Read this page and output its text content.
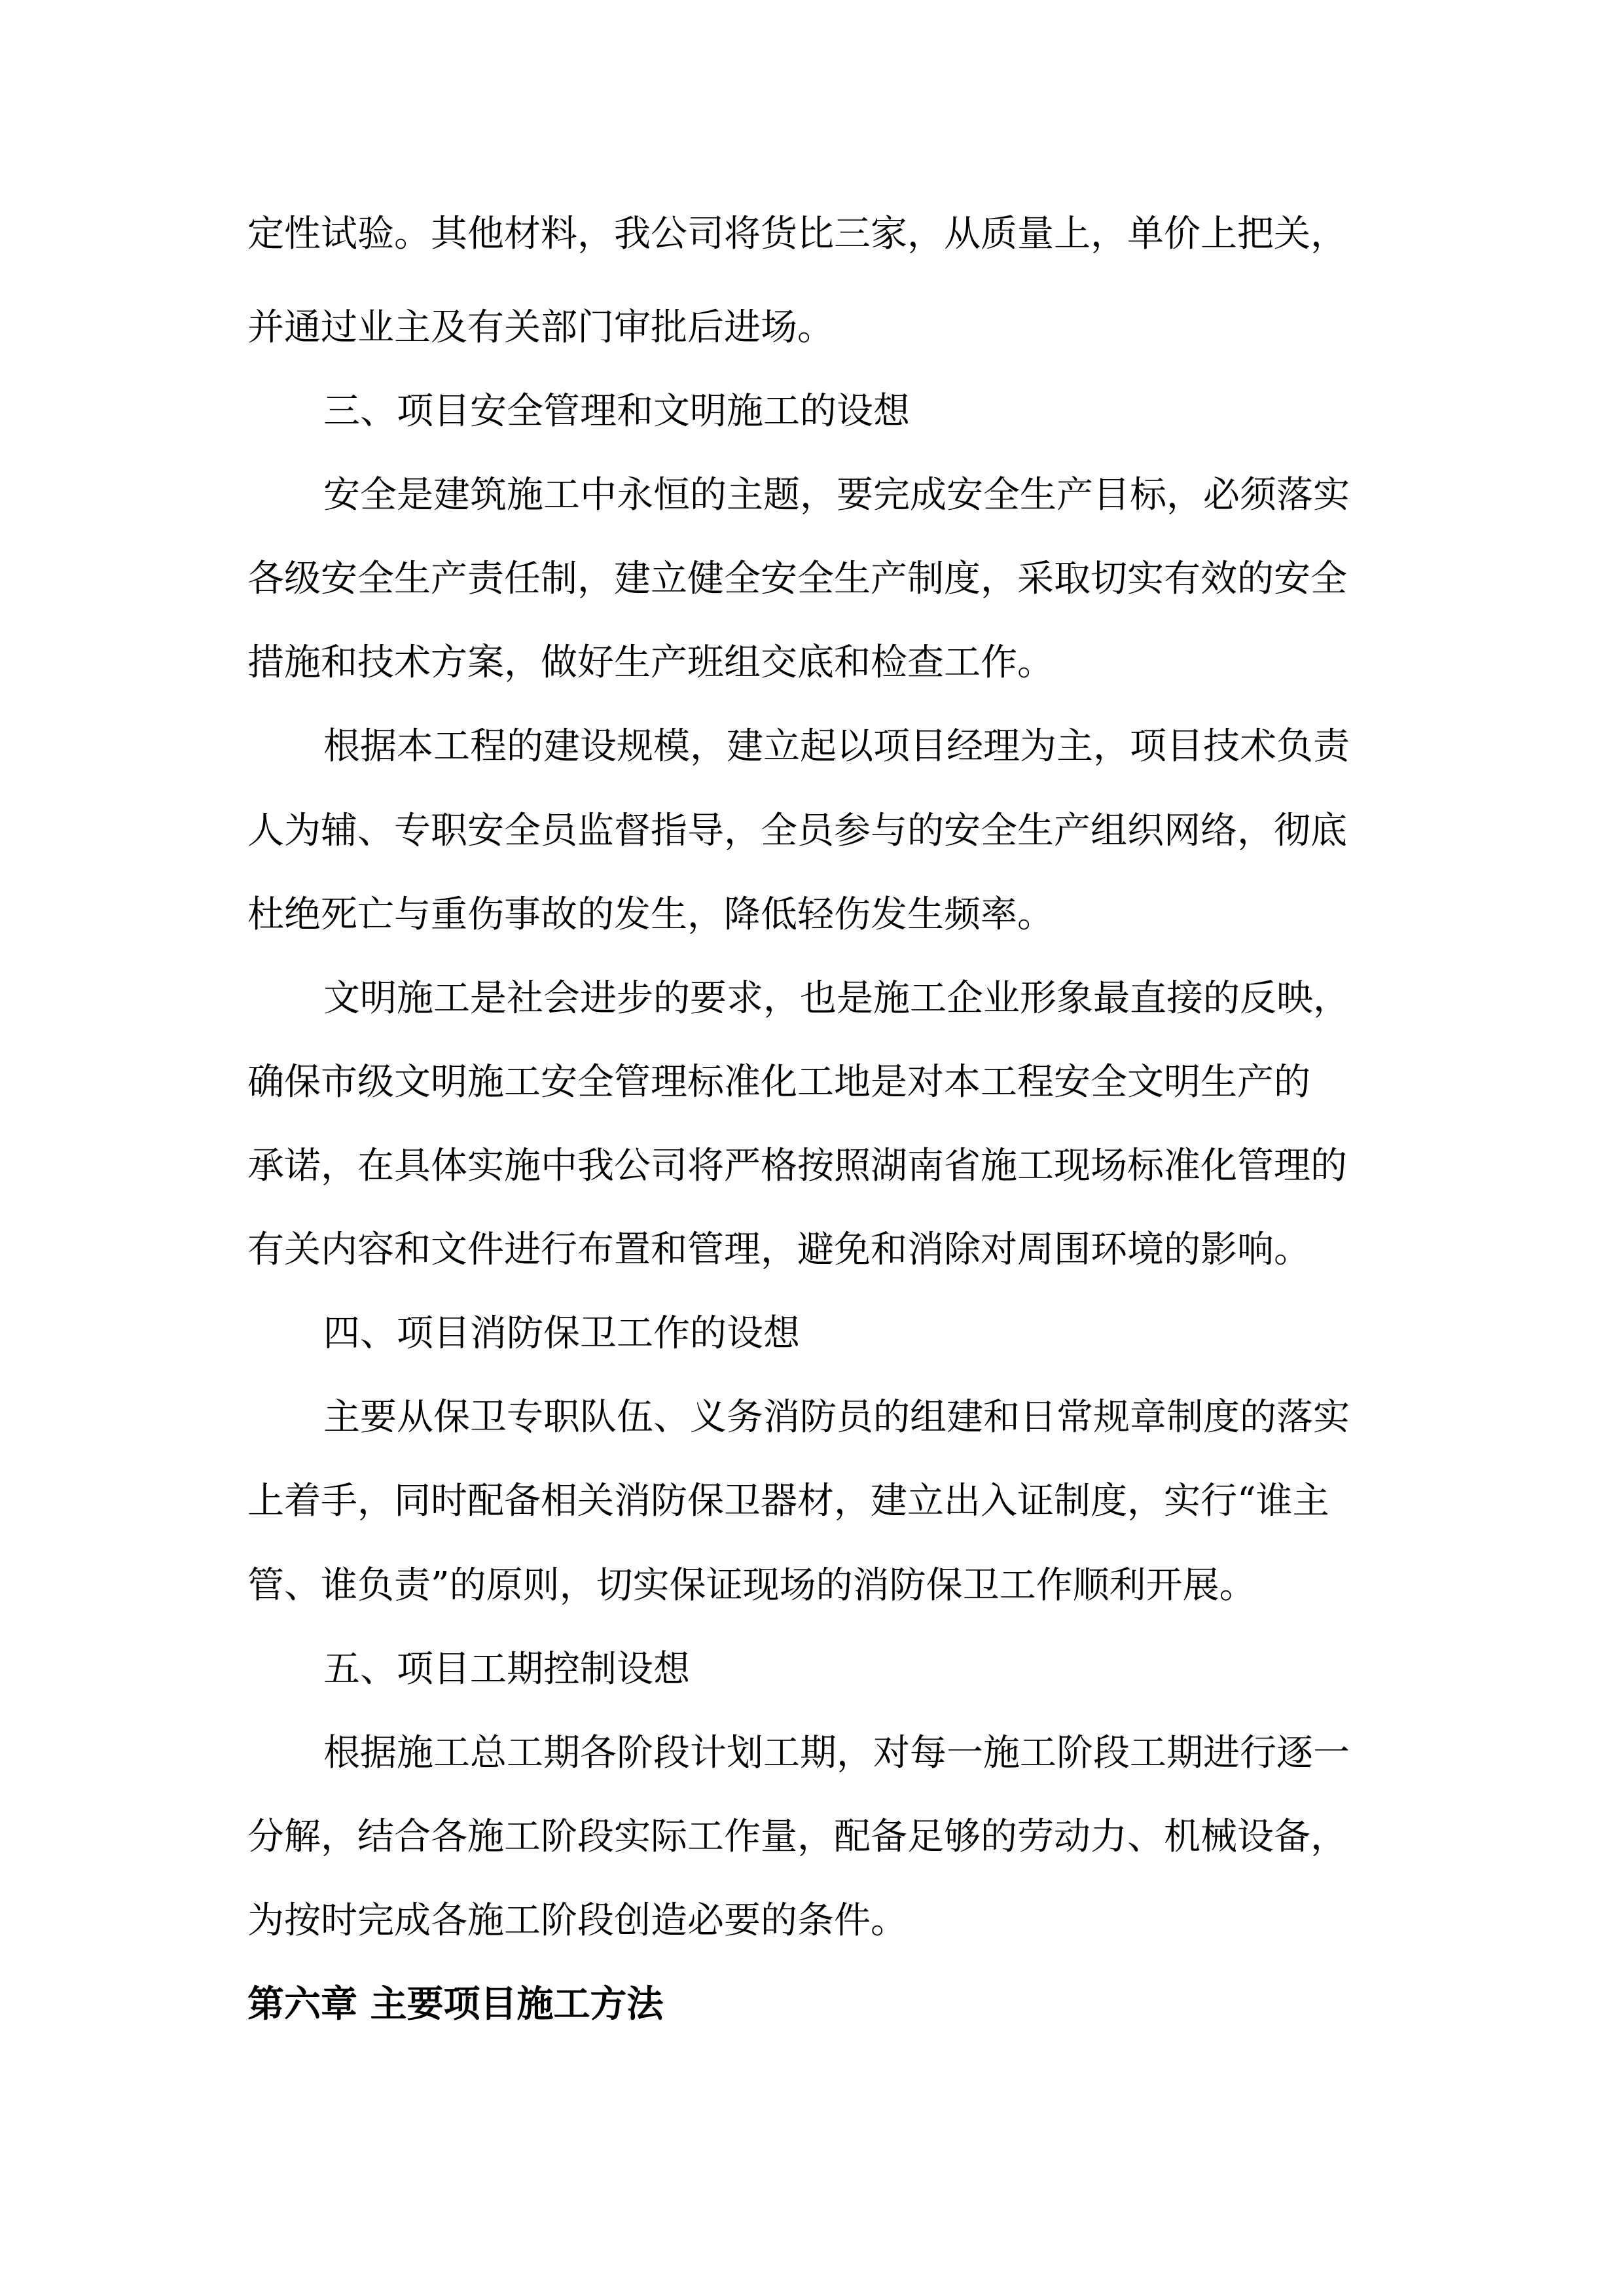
定性试验。其他材料，我公司将货比三家，从质量上，单价上把关，
并通过业主及有关部门审批后进场。
三、项目安全管理和文明施工的设想
安全是建筑施工中永恒的主题，要完成安全生产目标，必须落实
各级安全生产责任制，建立健全安全生产制度，采取切实有效的安全
措施和技术方案，做好生产班组交底和检查工作。
根据本工程的建设规模，建立起以项目经理为主，项目技术负责
人为辅、专职安全员监督指导，全员参与的安全生产组织网络，彻底
杜绝死亡与重伤事故的发生，降低轻伤发生频率。
文明施工是社会进步的要求，也是施工企业形象最直接的反映，
确保市级文明施工安全管理标准化工地是对本工程安全文明生产的
承诺，在具体实施中我公司将严格按照湖南省施工现场标准化管理的
有关内容和文件进行布置和管理，避免和消除对周围环境的影响。
四、项目消防保卫工作的设想
主要从保卫专职队伍、义务消防员的组建和日常规章制度的落实
上着手，同时配备相关消防保卫器材，建立出入证制度，实行“谁主
管、谁负责”的原则，切实保证现场的消防保卫工作顺利开展。
五、项目工期控制设想
根据施工总工期各阶段计划工期，对每一施工阶段工期进行逐一
分解，结合各施工阶段实际工作量，配备足够的劳动力、机械设备，
为按时完成各施工阶段创造必要的条件。
第六章 主要项目施工方法
